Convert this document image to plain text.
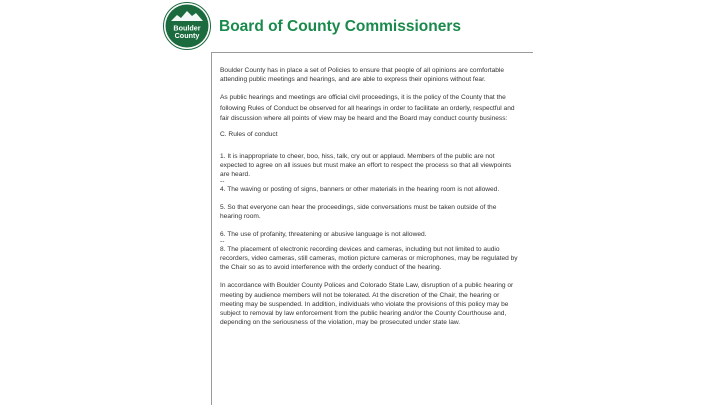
Boulder
County
Board of County Commissioners

Boulder County has in place a set of Policies to ensure that people of all opinions are comfortable attending public meetings and hearings, and are able to express their opinions without fear.

As public hearings and meetings are official civil proceedings, it is the policy of the County that the following Rules of Conduct be observed for all hearings in order to facilitate an orderly, respectful and fair discussion where all points of view may be heard and the Board may conduct county business:

C. Rules of conduct

1. It is inappropriate to cheer, boo, hiss, talk, cry out or applaud. Members of the public are not expected to agree on all issues but must make an effort to respect the process so that all viewpoints are heard.

--

4. The waving or posting of signs, banners or other materials in the hearing room is not allowed.

5. So that everyone can hear the proceedings, side conversations must be taken outside of the hearing room.

6. The use of profanity, threatening or abusive language is not allowed.

--

8. The placement of electronic recording devices and cameras, including but not limited to audio recorders, video cameras, still cameras, motion picture cameras or microphones, may be regulated by the Chair so as to avoid interference with the orderly conduct of the hearing.

In accordance with Boulder County Polices and Colorado State Law, disruption of a public hearing or meeting by audience members will not be tolerated. At the discretion of the Chair, the hearing or meeting may be suspended. In addition, individuals who violate the provisions of this policy may be subject to removal by law enforcement from the public hearing and/or the County Courthouse and, depending on the seriousness of the violation, may be prosecuted under state law.
